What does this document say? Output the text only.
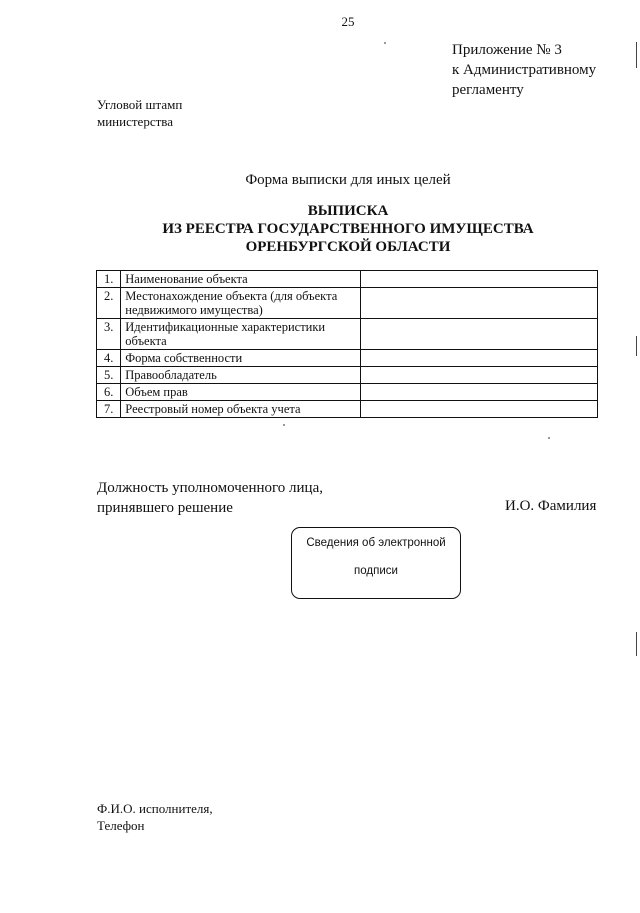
25
Приложение № 3
к Административному
регламенту
Угловой штамп
министерства
Форма выписки для иных целей
ВЫПИСКА
ИЗ РЕЕСТРА ГОСУДАРСТВЕННОГО ИМУЩЕСТВА
ОРЕНБУРГСКОЙ ОБЛАСТИ
1.	Наименование объекта	
2.	Местонахождение объекта (для объекта недвижимого имущества)	
3.	Идентификационные характеристики объекта	
4.	Форма собственности	
5.	Правообладатель	
6.	Объем прав	
7.	Реестровый номер объекта учета	
Должность уполномоченного лица,
принявшего решение	И.О. Фамилия
Сведения об электронной
подписи
Ф.И.О. исполнителя,
Телефон
